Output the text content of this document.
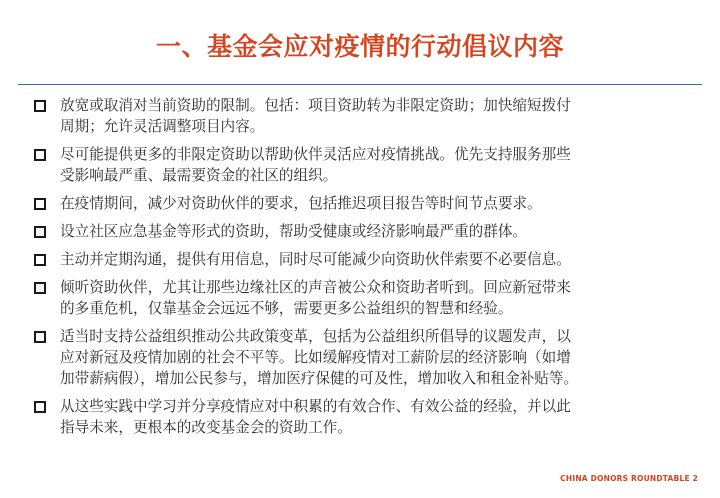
一、基金会应对疫情的行动倡议内容
放宽或取消对当前资助的限制。包括：项目资助转为非限定资助；加快缩短拨付
周期；允许灵活调整项目内容。
尽可能提供更多的非限定资助以帮助伙伴灵活应对疫情挑战。优先支持服务那些
受影响最严重、最需要资金的社区的组织。
在疫情期间，减少对资助伙伴的要求，包括推迟项目报告等时间节点要求。
设立社区应急基金等形式的资助，帮助受健康或经济影响最严重的群体。
主动并定期沟通，提供有用信息，同时尽可能减少向资助伙伴索要不必要信息。
倾听资助伙伴，尤其让那些边缘社区的声音被公众和资助者听到。回应新冠带来
的多重危机，仅靠基金会远远不够，需要更多公益组织的智慧和经验。
适当时支持公益组织推动公共政策变革，包括为公益组织所倡导的议题发声，以
应对新冠及疫情加剧的社会不平等。比如缓解疫情对工薪阶层的经济影响（如增
加带薪病假），增加公民参与，增加医疗保健的可及性，增加收入和租金补贴等。
从这些实践中学习并分享疫情应对中积累的有效合作、有效公益的经验，并以此
指导未来，更根本的改变基金会的资助工作。
CHINA DONORS ROUNDTABLE 2
